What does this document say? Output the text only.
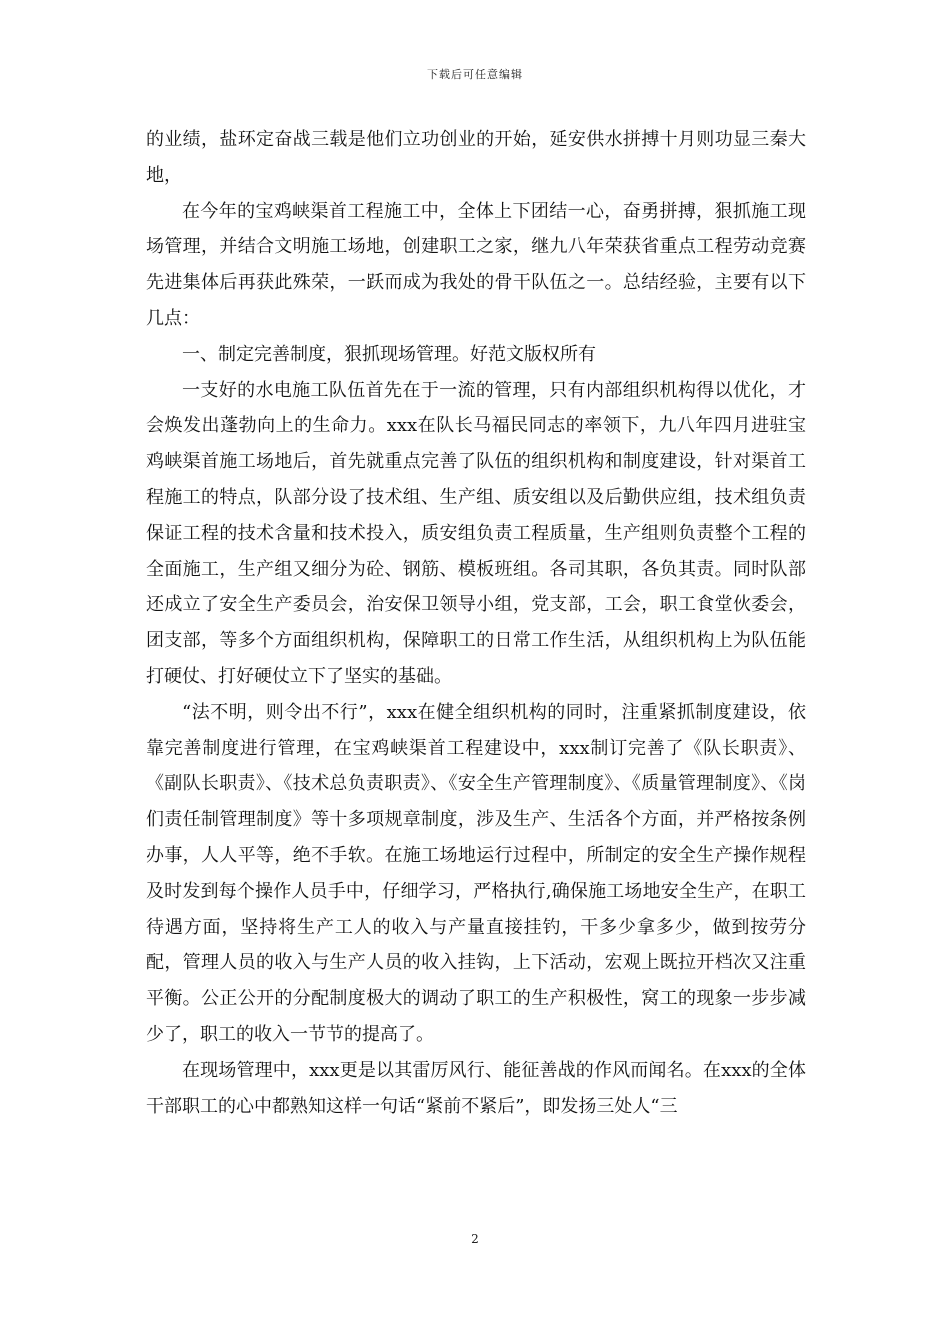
下载后可任意编辑

的业绩，盐环定奋战三载是他们立功创业的开始，延安供水拼搏十月则功显三秦大地，

在今年的宝鸡峡渠首工程施工中，全体上下团结一心，奋勇拼搏，狠抓施工现场管理，并结合文明施工场地，创建职工之家，继九八年荣获省重点工程劳动竞赛先进集体后再获此殊荣，一跃而成为我处的骨干队伍之一。总结经验，主要有以下几点：

一、制定完善制度，狠抓现场管理。好范文版权所有

一支好的水电施工队伍首先在于一流的管理，只有内部组织机构得以优化，才会焕发出蓬勃向上的生命力。xxx在队长马福民同志的率领下，九八年四月进驻宝鸡峡渠首施工场地后，首先就重点完善了队伍的组织机构和制度建设，针对渠首工程施工的特点，队部分设了技术组、生产组、质安组以及后勤供应组，技术组负责保证工程的技术含量和技术投入，质安组负责工程质量，生产组则负责整个工程的全面施工，生产组又细分为砼、钢筋、模板班组。各司其职，各负其责。同时队部还成立了安全生产委员会，治安保卫领导小组，党支部，工会，职工食堂伙委会，团支部，等多个方面组织机构，保障职工的日常工作生活，从组织机构上为队伍能打硬仗、打好硬仗立下了坚实的基础。

“法不明，则令出不行”，xxx在健全组织机构的同时，注重紧抓制度建设，依靠完善制度进行管理，在宝鸡峡渠首工程建设中，xxx制订完善了《队长职责》、《副队长职责》、《技术总负责职责》、《安全生产管理制度》、《质量管理制度》、《岗们责任制管理制度》等十多项规章制度，涉及生产、生活各个方面，并严格按条例办事，人人平等，绝不手软。在施工场地运行过程中，所制定的安全生产操作规程及时发到每个操作人员手中，仔细学习，严格执行,确保施工场地安全生产，在职工待遇方面，坚持将生产工人的收入与产量直接挂钓，干多少拿多少，做到按劳分配，管理人员的收入与生产人员的收入挂钩，上下活动，宏观上既拉开档次又注重平衡。公正公开的分配制度极大的调动了职工的生产积极性，窝工的现象一步步减少了，职工的收入一节节的提高了。

在现场管理中，xxx更是以其雷厉风行、能征善战的作风而闻名。在xxx的全体干部职工的心中都熟知这样一句话“紧前不紧后”，即发扬三处人“三

2
